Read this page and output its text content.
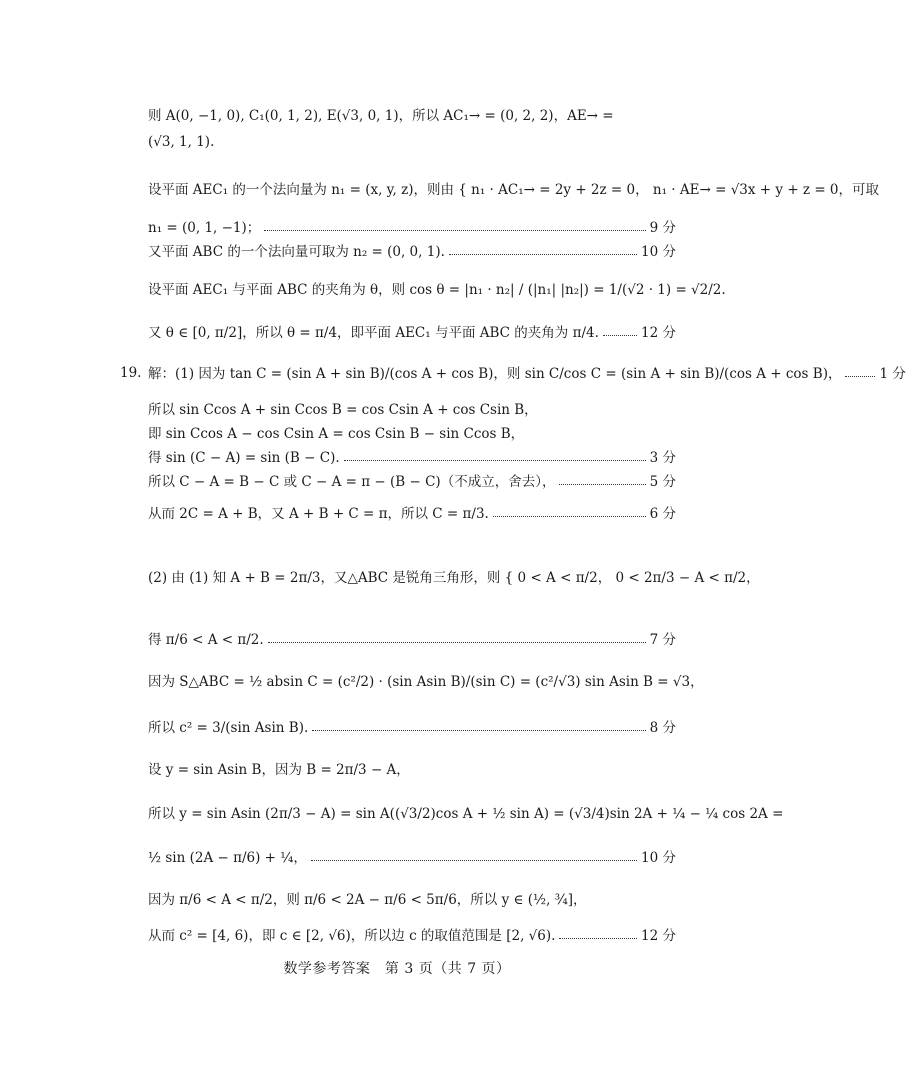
则 A(0, −1, 0), C₁(0, 1, 2), E(√3, 0, 1)，所以 AC₁→ = (0, 2, 2)，AE→ =
(√3, 1, 1).
设平面 AEC₁ 的一个法向量为 n₁ = (x, y, z)，则由 { n₁ · AC₁→ = 2y + 2z = 0， n₁ · AE→ = √3x + y + z = 0，可取
n₁ = (0, 1, −1)；	9 分
又平面 ABC 的一个法向量可取为 n₂ = (0, 0, 1).	10 分
设平面 AEC₁ 与平面 ABC 的夹角为 θ，则 cos θ = |n₁ · n₂| / (|n₁| |n₂|) = 1/(√2 · 1) = √2/2.
又 θ ∈ [0, π/2]，所以 θ = π/4，即平面 AEC₁ 与平面 ABC 的夹角为 π/4.	12 分
19. 解：(1) 因为 tan C = (sin A + sin B)/(cos A + cos B)，则 sin C/cos C = (sin A + sin B)/(cos A + cos B)，	1 分
所以 sin Ccos A + sin Ccos B = cos Csin A + cos Csin B，
即 sin Ccos A − cos Csin A = cos Csin B − sin Ccos B，
得 sin (C − A) = sin (B − C).	3 分
所以 C − A = B − C 或 C − A = π − (B − C)（不成立，舍去），	5 分
从而 2C = A + B，又 A + B + C = π，所以 C = π/3.	6 分
(2) 由 (1) 知 A + B = 2π/3，又△ABC 是锐角三角形，则 { 0 < A < π/2， 0 < 2π/3 − A < π/2，
得 π/6 < A < π/2.	7 分
因为 S△ABC = ½ absin C = (c²/2) · (sin Asin B)/(sin C) = (c²/√3) sin Asin B = √3，
所以 c² = 3/(sin Asin B).	8 分
设 y = sin Asin B，因为 B = 2π/3 − A，
所以 y = sin Asin (2π/3 − A) = sin A((√3/2)cos A + ½ sin A) = (√3/4)sin 2A + ¼ − ¼ cos 2A =
½ sin (2A − π/6) + ¼，	10 分
因为 π/6 < A < π/2，则 π/6 < 2A − π/6 < 5π/6，所以 y ∈ (½, ¾]，
从而 c² = [4, 6)，即 c ∈ [2, √6)，所以边 c 的取值范围是 [2, √6).	12 分
数学参考答案　第 3 页（共 7 页）
